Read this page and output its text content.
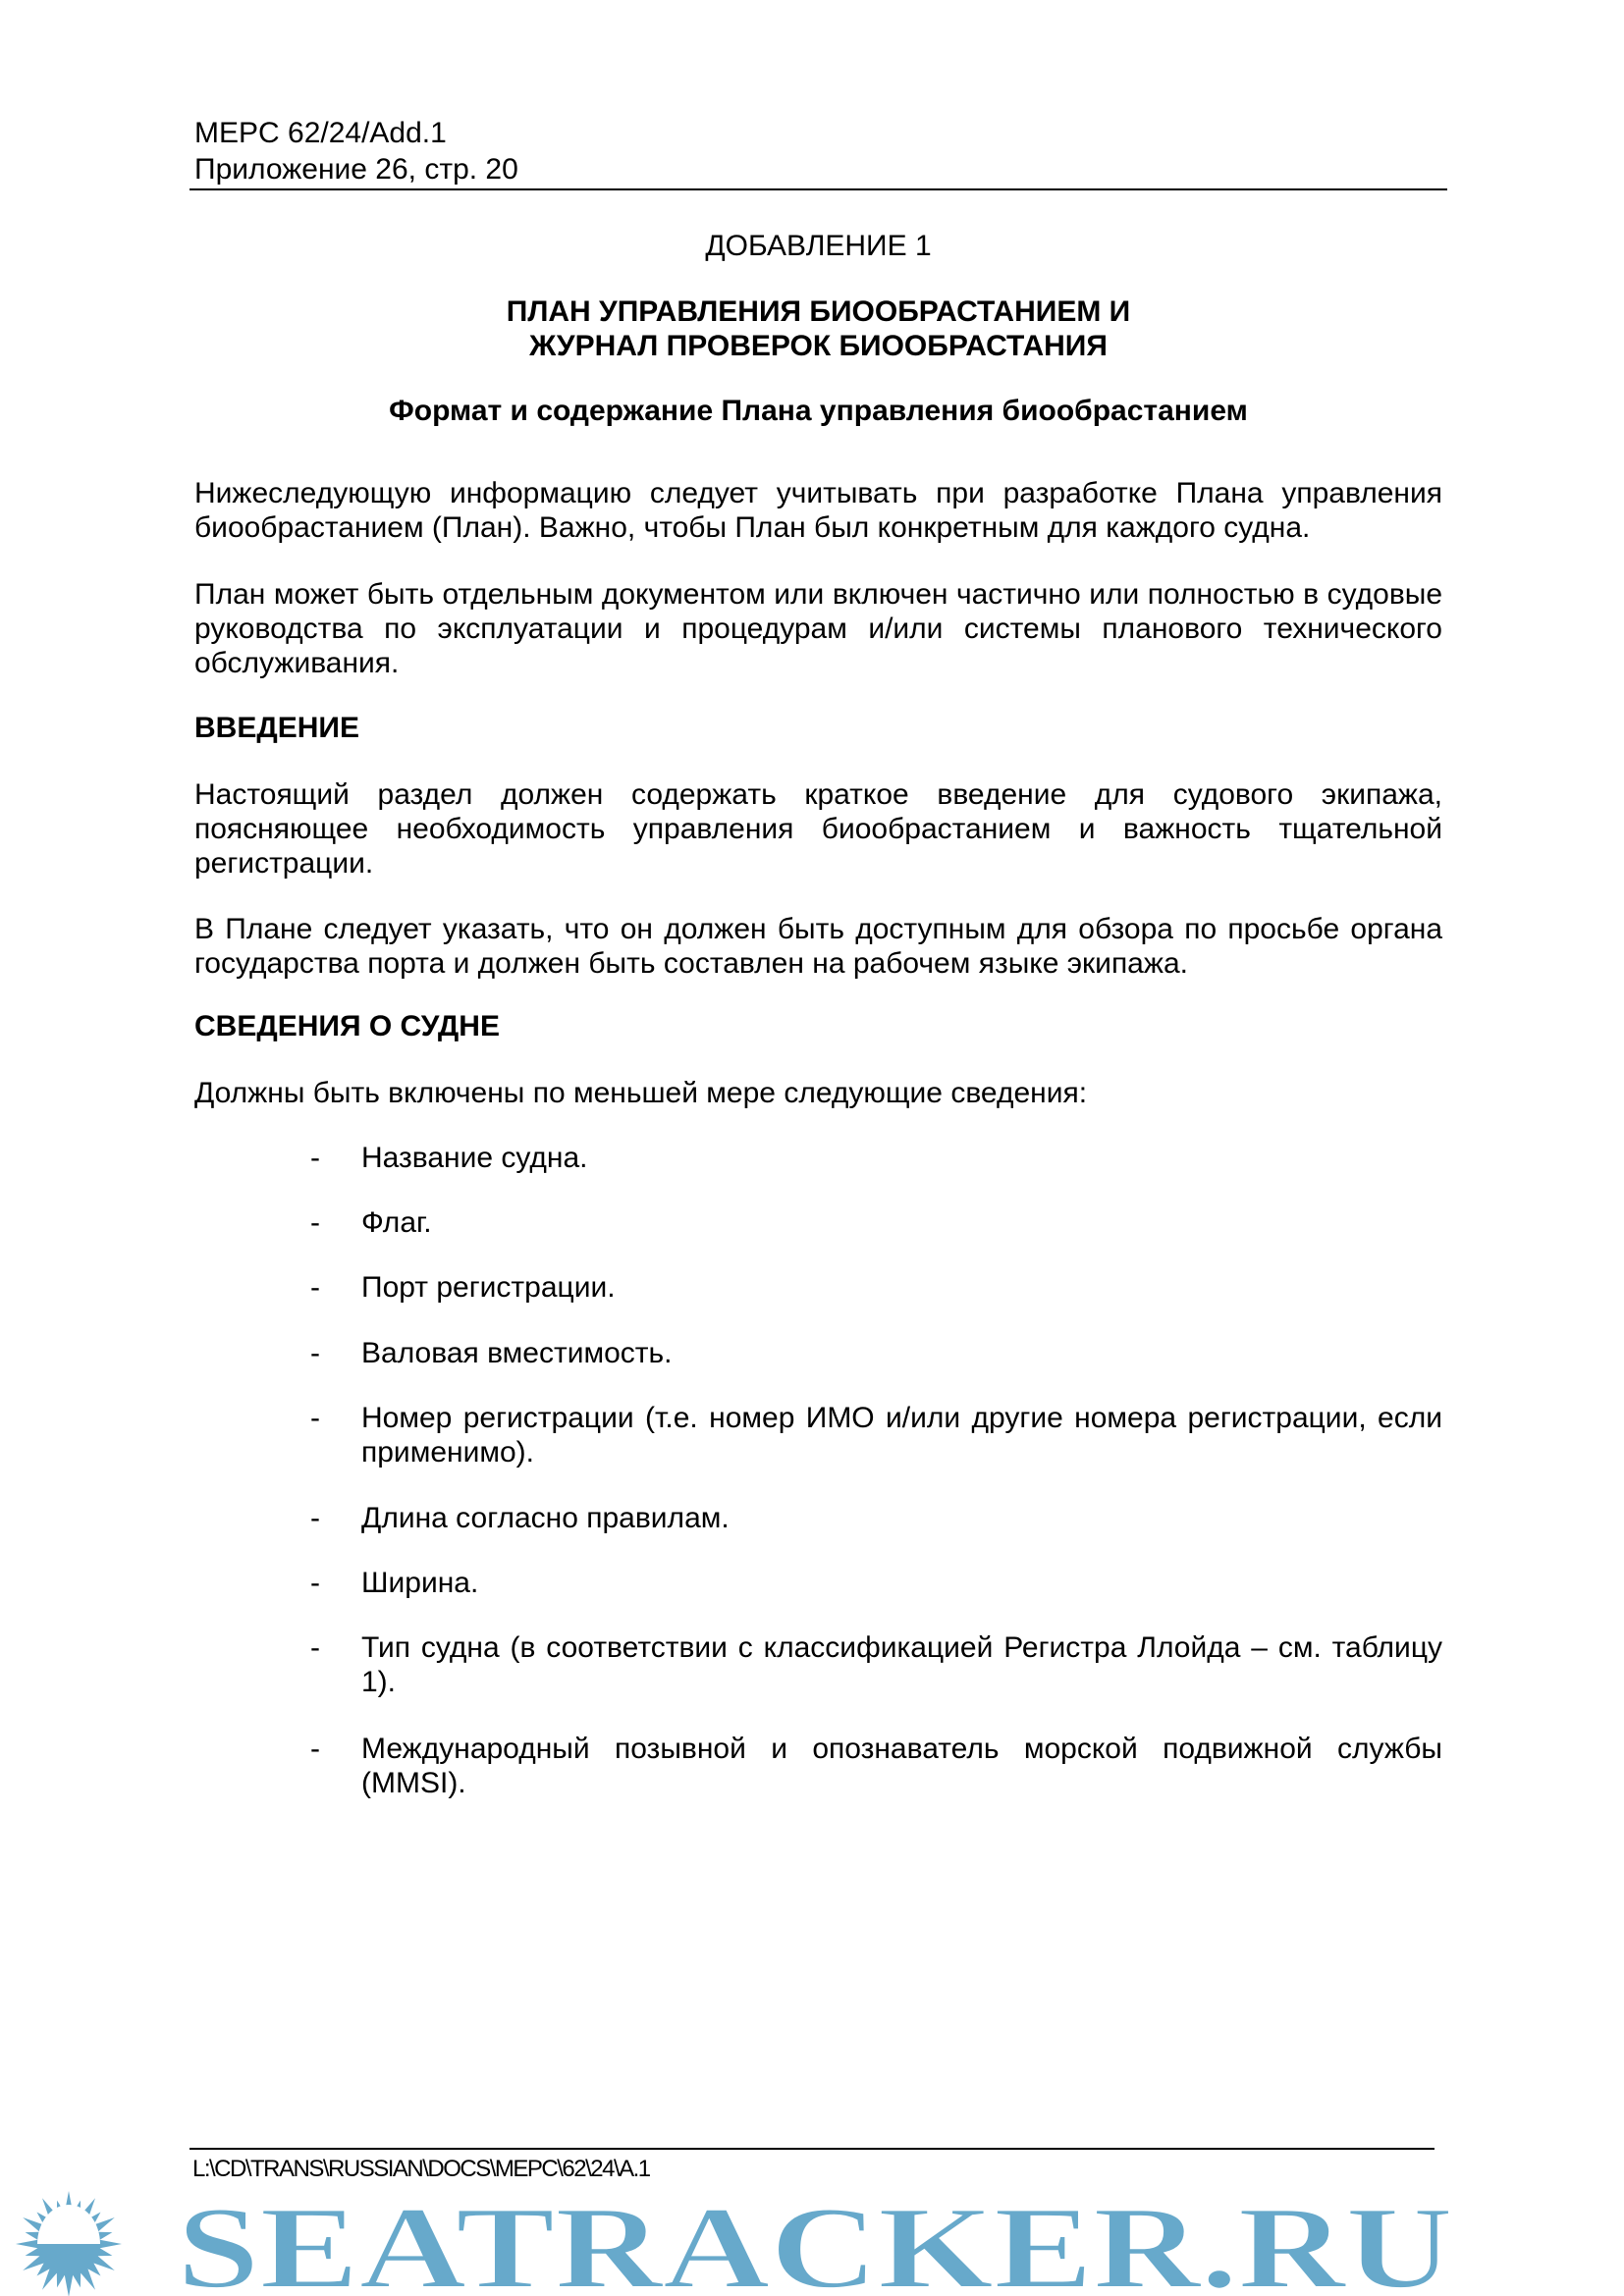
MEPC 62/24/Add.1
Приложение 26, стр. 20
ДОБАВЛЕНИЕ 1
ПЛАН УПРАВЛЕНИЯ БИООБРАСТАНИЕМ И
ЖУРНАЛ ПРОВЕРОК БИООБРАСТАНИЯ
Формат и содержание Плана управления биообрастанием
Нижеследующую информацию следует учитывать при разработке Плана управления биообрастанием (План). Важно, чтобы План был конкретным для каждого судна.
План может быть отдельным документом или включен частично или полностью в судовые руководства по эксплуатации и процедурам и/или системы планового технического обслуживания.
ВВЕДЕНИЕ
Настоящий раздел должен содержать краткое введение для судового экипажа, поясняющее необходимость управления биообрастанием и важность тщательной регистрации.
В Плане следует указать, что он должен быть доступным для обзора по просьбе органа государства порта и должен быть составлен на рабочем языке экипажа.
СВЕДЕНИЯ О СУДНЕ
Должны быть включены по меньшей мере следующие сведения:
- Название судна.
- Флаг.
- Порт регистрации.
- Валовая вместимость.
- Номер регистрации (т.е. номер ИМО и/или другие номера регистрации, если применимо).
- Длина согласно правилам.
- Ширина.
- Тип судна (в соответствии с классификацией Регистра Ллойда – см. таблицу 1).
- Международный позывной и опознаватель морской подвижной службы (MMSI).
L:\CD\TRANS\RUSSIAN\DOCS\MEPC\62\24\A.1
SEATRACKER.RU
